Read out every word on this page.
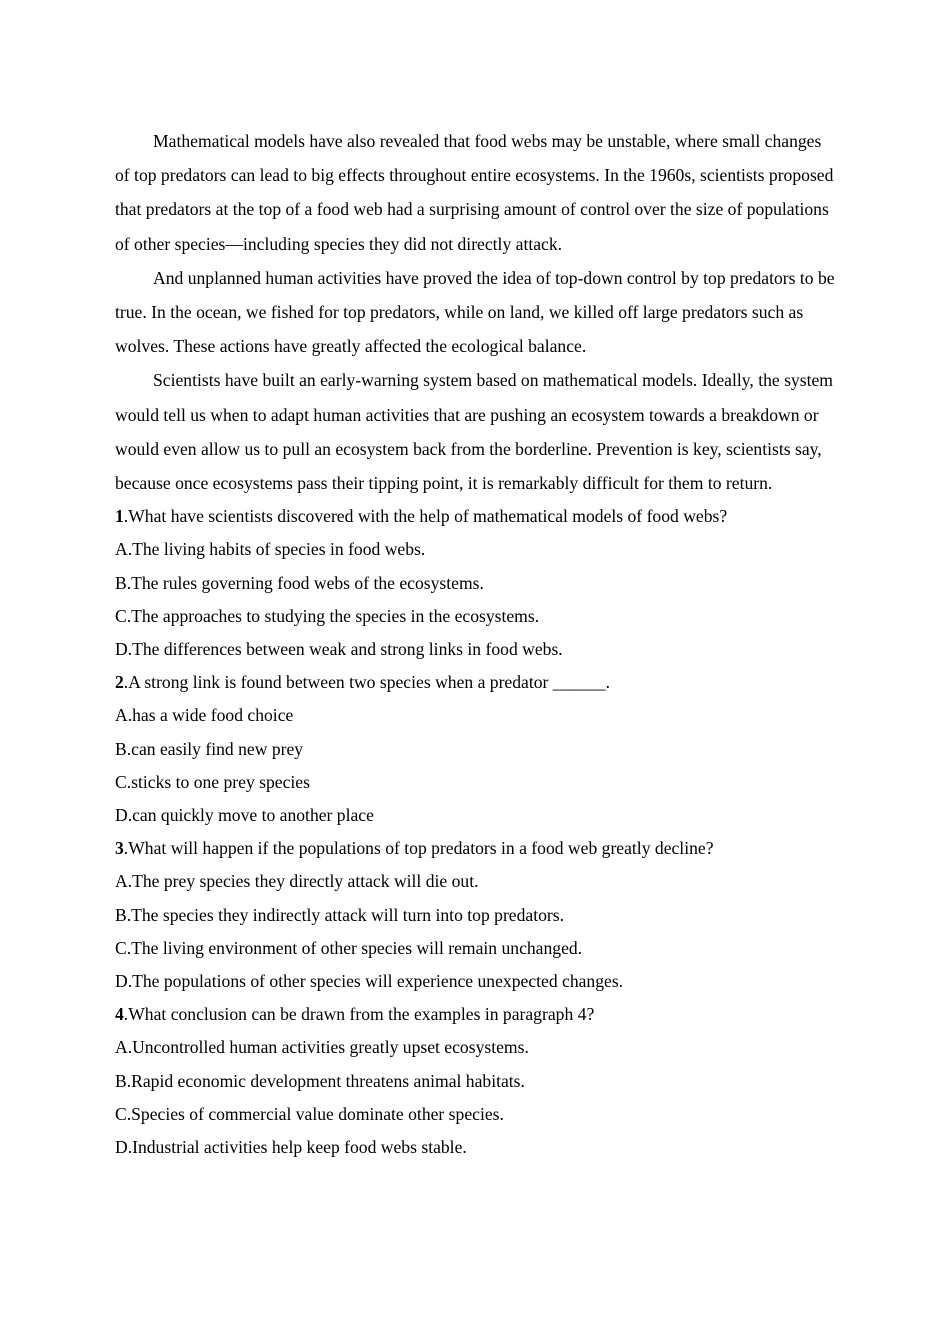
Mathematical models have also revealed that food webs may be unstable, where small changes of top predators can lead to big effects throughout entire ecosystems. In the 1960s, scientists proposed that predators at the top of a food web had a surprising amount of control over the size of populations of other species—including species they did not directly attack.

And unplanned human activities have proved the idea of top-down control by top predators to be true. In the ocean, we fished for top predators, while on land, we killed off large predators such as wolves. These actions have greatly affected the ecological balance.

Scientists have built an early-warning system based on mathematical models. Ideally, the system would tell us when to adapt human activities that are pushing an ecosystem towards a breakdown or would even allow us to pull an ecosystem back from the borderline. Prevention is key, scientists say, because once ecosystems pass their tipping point, it is remarkably difficult for them to return.

1.What have scientists discovered with the help of mathematical models of food webs?

A.The living habits of species in food webs.

B.The rules governing food webs of the ecosystems.

C.The approaches to studying the species in the ecosystems.

D.The differences between weak and strong links in food webs.

2.A strong link is found between two species when a predator ______.

A.has a wide food choice

B.can easily find new prey

C.sticks to one prey species

D.can quickly move to another place

3.What will happen if the populations of top predators in a food web greatly decline?

A.The prey species they directly attack will die out.

B.The species they indirectly attack will turn into top predators.

C.The living environment of other species will remain unchanged.

D.The populations of other species will experience unexpected changes.

4.What conclusion can be drawn from the examples in paragraph 4?

A.Uncontrolled human activities greatly upset ecosystems.

B.Rapid economic development threatens animal habitats.

C.Species of commercial value dominate other species.

D.Industrial activities help keep food webs stable.
